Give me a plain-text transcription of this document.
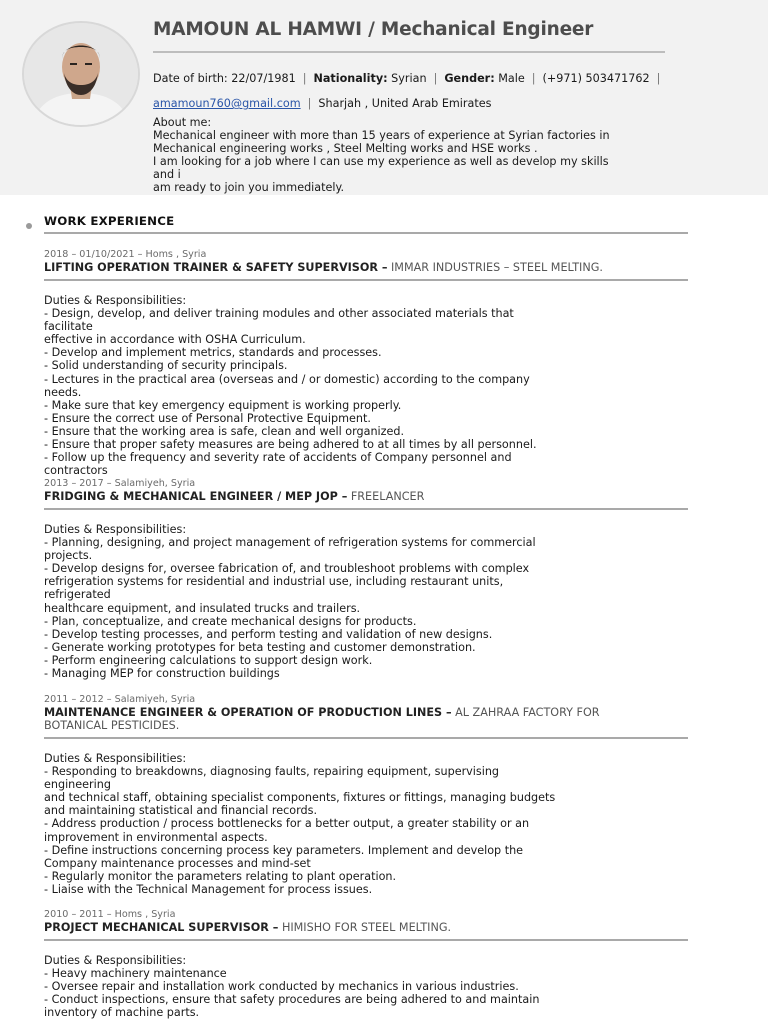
MAMOUN AL HAMWI / Mechanical Engineer
Date of birth: 22/07/1981 | Nationality: Syrian | Gender: Male | (+971) 503471762 |
amamoun760@gmail.com | Sharjah , United Arab Emirates
About me:
Mechanical engineer with more than 15 years of experience at Syrian factories in
Mechanical engineering works , Steel Melting works and HSE works .
I am looking for a job where I can use my experience as well as develop my skills and i
am ready to join you immediately.
WORK EXPERIENCE
2018 – 01/10/2021 – Homs , Syria
LIFTING OPERATION TRAINER & SAFETY SUPERVISOR – IMMAR INDUSTRIES – STEEL MELTING.
Duties & Responsibilities:
- Design, develop, and deliver training modules and other associated materials that facilitate
effective in accordance with OSHA Curriculum.
- Develop and implement metrics, standards and processes.
- Solid understanding of security principals.
- Lectures in the practical area (overseas and / or domestic) according to the company needs.
- Make sure that key emergency equipment is working properly.
- Ensure the correct use of Personal Protective Equipment.
- Ensure that the working area is safe, clean and well organized.
- Ensure that proper safety measures are being adhered to at all times by all personnel.
- Follow up the frequency and severity rate of accidents of Company personnel and
contractors
2013 – 2017 – Salamiyeh, Syria
FRIDGING & MECHANICAL ENGINEER / MEP JOP – FREELANCER
Duties & Responsibilities:
- Planning, designing, and project management of refrigeration systems for commercial
projects.
- Develop designs for, oversee fabrication of, and troubleshoot problems with complex
refrigeration systems for residential and industrial use, including restaurant units, refrigerated
healthcare equipment, and insulated trucks and trailers.
- Plan, conceptualize, and create mechanical designs for products.
- Develop testing processes, and perform testing and validation of new designs.
- Generate working prototypes for beta testing and customer demonstration.
- Perform engineering calculations to support design work.
- Managing MEP for construction buildings
2011 – 2012 – Salamiyeh, Syria
MAINTENANCE ENGINEER & OPERATION OF PRODUCTION LINES – AL ZAHRAA FACTORY FOR BOTANICAL PESTICIDES.
Duties & Responsibilities:
- Responding to breakdowns, diagnosing faults, repairing equipment, supervising engineering
and technical staff, obtaining specialist components, fixtures or fittings, managing budgets
and maintaining statistical and financial records.
- Address production / process bottlenecks for a better output, a greater stability or an
improvement in environmental aspects.
- Define instructions concerning process key parameters. Implement and develop the
Company maintenance processes and mind-set
- Regularly monitor the parameters relating to plant operation.
- Liaise with the Technical Management for process issues.
2010 – 2011 – Homs , Syria
PROJECT MECHANICAL SUPERVISOR – HIMISHO FOR STEEL MELTING.
Duties & Responsibilities:
- Heavy machinery maintenance
- Oversee repair and installation work conducted by mechanics in various industries.
- Conduct inspections, ensure that safety procedures are being adhered to and maintain
inventory of machine parts.
